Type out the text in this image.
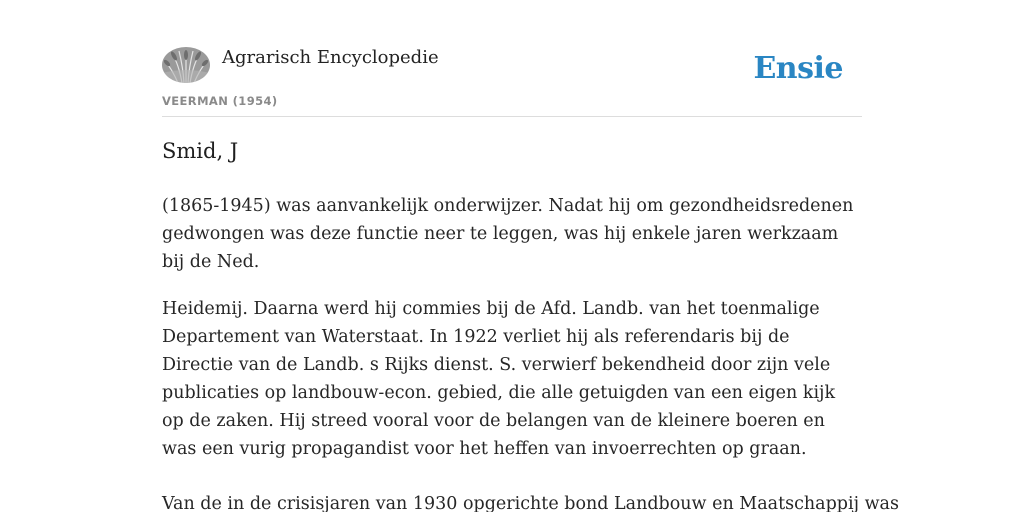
Agrarisch Encyclopedie
VEERMAN (1954)
Ensie
Smid, J

(1865-1945) was aanvankelijk onderwijzer. Nadat hij om gezondheidsredenen gedwongen was deze functie neer te leggen, was hij enkele jaren werkzaam bij de Ned.

Heidemij. Daarna werd hij commies bij de Afd. Landb. van het toenmalige Departement van Waterstaat. In 1922 verliet hij als referendaris bij de Directie van de Landb. s Rijks dienst. S. verwierf bekendheid door zijn vele publicaties op landbouw-econ. gebied, die alle getuigden van een eigen kijk op de zaken. Hij streed vooral voor de belangen van de kleinere boeren en was een vurig propagandist voor het heffen van invoerrechten op graan.

Van de in de crisisjaren van 1930 opgerichte bond Landbouw en Maatschappij was
